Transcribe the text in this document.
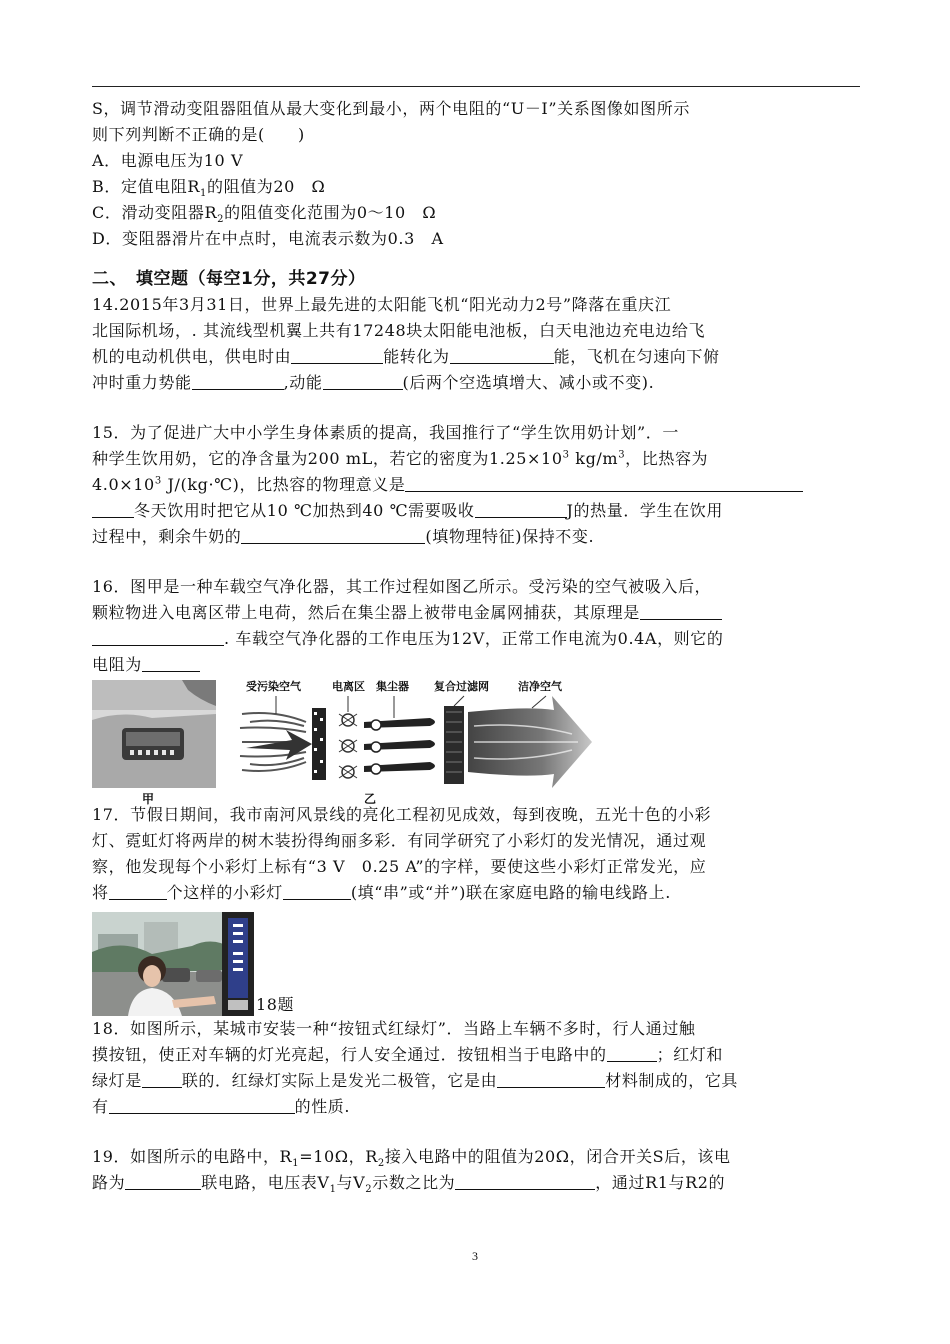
S，调节滑动变阻器阻值从最大变化到最小，两个电阻的“U－I”关系图像如图所示
则下列判断不正确的是(　　)
A．电源电压为10 V
B．定值电阻$R_1$的阻值为20　Ω
C．滑动变阻器$R_2$的阻值变化范围为0～10　Ω
D．变阻器滑片在中点时，电流表示数为0.3　A
二、　填空题（每空1分，共27分）
14.2015年3月31日，世界上最先进的太阳能飞机“阳光动力2号”降落在重庆江
北国际机场，. 其流线型机翼上共有17248块太阳能电池板，白天电池边充电边给飞
机的电动机供电，供电时由	能转化为	能，飞机在匀速向下俯
冲时重力势能	,动能	(后两个空选填增大、减小或不变).
15．为了促进广大中小学生身体素质的提高，我国推行了“学生饮用奶计划”．一
种学生饮用奶，它的净含量为200 mL，若它的密度为$1.25\times 10^3$ $kg/m^3$，比热容为
$4.0\times 10^3$ J/(kg·℃)，比热容的物理意义是
冬天饮用时把它从10 ℃加热到40 ℃需要吸收	J的热量．学生在饮用
过程中，剩余牛奶的	(填物理特征)保持不变.
16．图甲是一种车载空气净化器，其工作过程如图乙所示。受污染的空气被吸入后，
颗粒物进入电离区带上电荷，然后在集尘器上被带电金属网捕获，其原理是
. 车载空气净化器的工作电压为12V，正常工作电流为0.4A，则它的
电阻为
甲
受污染空气	电离区 集尘器 复合过滤网	洁净空气
乙
17．节假日期间，我市南河风景线的亮化工程初见成效，每到夜晚，五光十色的小彩
灯、霓虹灯将两岸的树木装扮得绚丽多彩．有同学研究了小彩灯的发光情况，通过观
察，他发现每个小彩灯上标有“3 V　0.25 A”的字样，要使这些小彩灯正常发光，应
将	个这样的小彩灯	(填“串”或“并”)联在家庭电路的输电线路上.
18题
18．如图所示，某城市安装一种“按钮式红绿灯”．当路上车辆不多时，行人通过触
摸按钮，使正对车辆的灯光亮起，行人安全通过．按钮相当于电路中的	；红灯和
绿灯是	联的．红绿灯实际上是发光二极管，它是由	材料制成的，它具
有	的性质.
19．如图所示的电路中，$R_1=10\Omega$，$R_2$接入电路中的阻值为20Ω，闭合开关S后，该电
路为	联电路，电压表$V_1$与$V_2$示数之比为	，通过R1与R2的
3
